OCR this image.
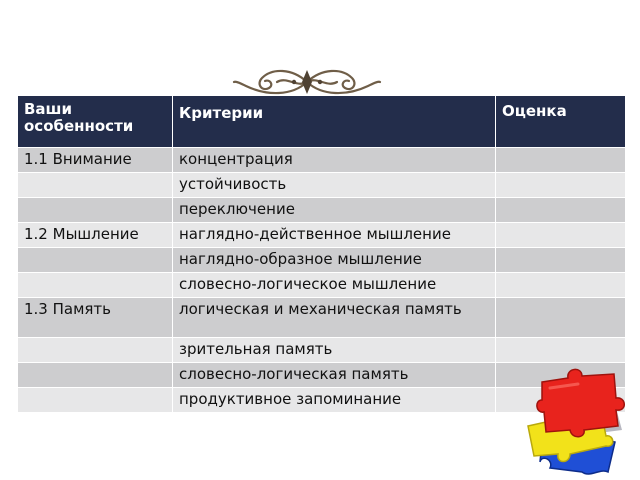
Ваши особенности	Критерии	Оценка
1.1 Внимание	концентрация	
	устойчивость	
	переключение	
1.2 Мышление	наглядно-действенное мышление	
	наглядно-образное мышление	
	словесно-логическое мышление	
1.3 Память	логическая и механическая память	
	зрительная память	
	словесно-логическая память	
	продуктивное запоминание	
